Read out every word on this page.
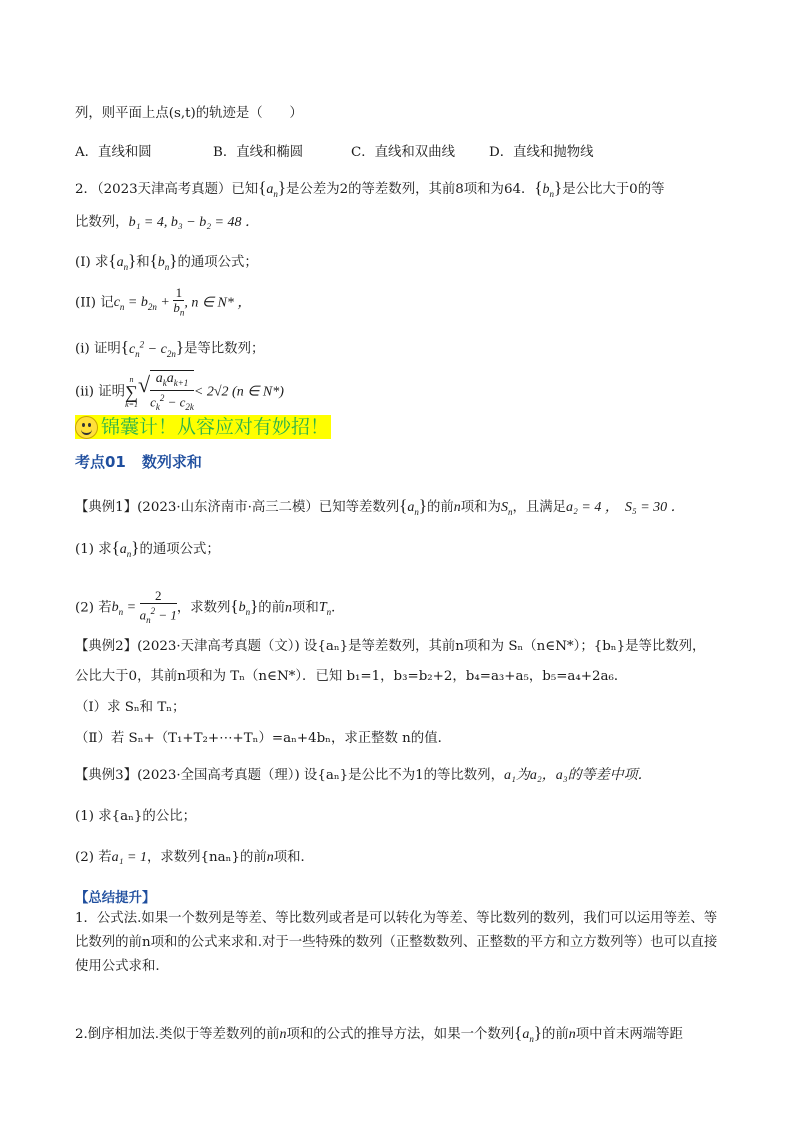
列，则平面上点(s,t)的轨迹是（　　）
A．直线和圆	B．直线和椭圆	C．直线和双曲线	D．直线和抛物线
2．（2023天津高考真题）已知$\{a_n\}$是公差为2的等差数列，其前8项和为64．$\{b_n\}$是公比大于0的等
比数列，b₁ = 4, b₃ − b₂ = 48 ．
(I) 求$\{a_n\}$和$\{b_n\}$的通项公式；
(II) 记$c_n = b_{2n} + \frac{1}{b_n}$ , n ∈ N* ，
(ⅰ) 证明$\{c_n^2 - c_{2n}\}$是等比数列；
(ⅱ) 证明
n
∑
k=1
√ $\frac{a_ka_{k+1}}{c_k^2 - c_{2k}} < 2√2$ (n ∈ N*)
锦囊计！从容应对有妙招！
考点01 数列求和
【典例1】(2023·山东济南市·高三二模）已知等差数列$\{a_n\}$的前n项和为$S_n$，且满足a₂ = 4 ， S₅ = 30 ．
(1) 求$\{a_n\}$的通项公式；
(2) 若$b_n = \frac{2}{a_n^2 - 1}$ ，求数列$\{b_n\}$的前n项和$T_n$．
【典例2】(2023·天津高考真题（文）) 设{aₙ}是等差数列，其前n项和为 Sₙ（n∈N*）；{bₙ}是等比数列，
公比大于0，其前n项和为 Tₙ（n∈N*）．已知 b₁=1，b₃=b₂+2，b₄=a₃+a₅，b₅=a₄+2a₆．
（Ⅰ）求 Sₙ和 Tₙ；
（Ⅱ）若 Sₙ+（T₁+T₂+⋯+Tₙ）=aₙ+4bₙ，求正整数 n的值．
【典例3】(2023·全国高考真题（理）) 设{aₙ}是公比不为1的等比数列，a₁为a₂，a₃的等差中项．
(1) 求{aₙ}的公比；
(2) 若a₁ = 1，求数列{naₙ}的前n项和．
【总结提升】
1．公式法.如果一个数列是等差、等比数列或者是可以转化为等差、等比数列的数列，我们可以运用等差、等比数列的前n项和的公式来求和.对于一些特殊的数列（正整数数列、正整数的平方和立方数列等）也可以直接使用公式求和.
2.倒序相加法.类似于等差数列的前n项和的公式的推导方法，如果一个数列$\{a_n\}$的前n项中首末两端等距
